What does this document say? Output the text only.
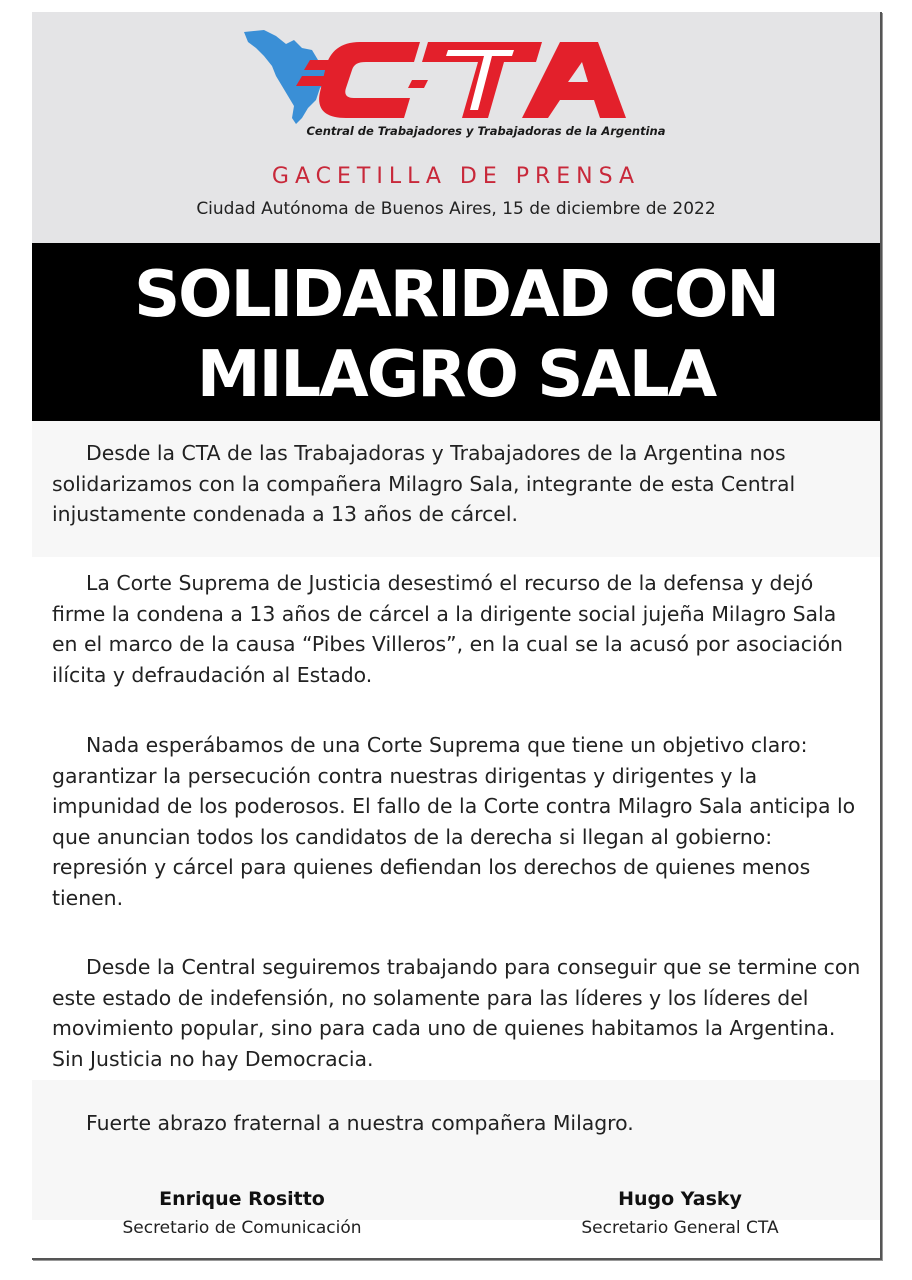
Central de Trabajadores y Trabajadoras de la Argentina
GACETILLA DE PRENSA
Ciudad Autónoma de Buenos Aires, 15 de diciembre de 2022
SOLIDARIDAD CON
MILAGRO SALA

Desde la CTA de las Trabajadoras y Trabajadores de la Argentina nos solidarizamos con la compañera Milagro Sala, integrante de esta Central injustamente condenada a 13 años de cárcel.

La Corte Suprema de Justicia desestimó el recurso de la defensa y dejó firme la condena a 13 años de cárcel a la dirigente social jujeña Milagro Sala en el marco de la causa “Pibes Villeros”, en la cual se la acusó por asociación ilícita y defraudación al Estado.

Nada esperábamos de una Corte Suprema que tiene un objetivo claro: garantizar la persecución contra nuestras dirigentas y dirigentes y la impunidad de los poderosos. El fallo de la Corte contra Milagro Sala anticipa lo que anuncian todos los candidatos de la derecha si llegan al gobierno: represión y cárcel para quienes defiendan los derechos de quienes menos tienen.

Desde la Central seguiremos trabajando para conseguir que se termine con este estado de indefensión, no solamente para las líderes y los líderes del movimiento popular, sino para cada uno de quienes habitamos la Argentina. Sin Justicia no hay Democracia.

Fuerte abrazo fraternal a nuestra compañera Milagro.

Enrique Rositto
Secretario de Comunicación
Hugo Yasky
Secretario General CTA
